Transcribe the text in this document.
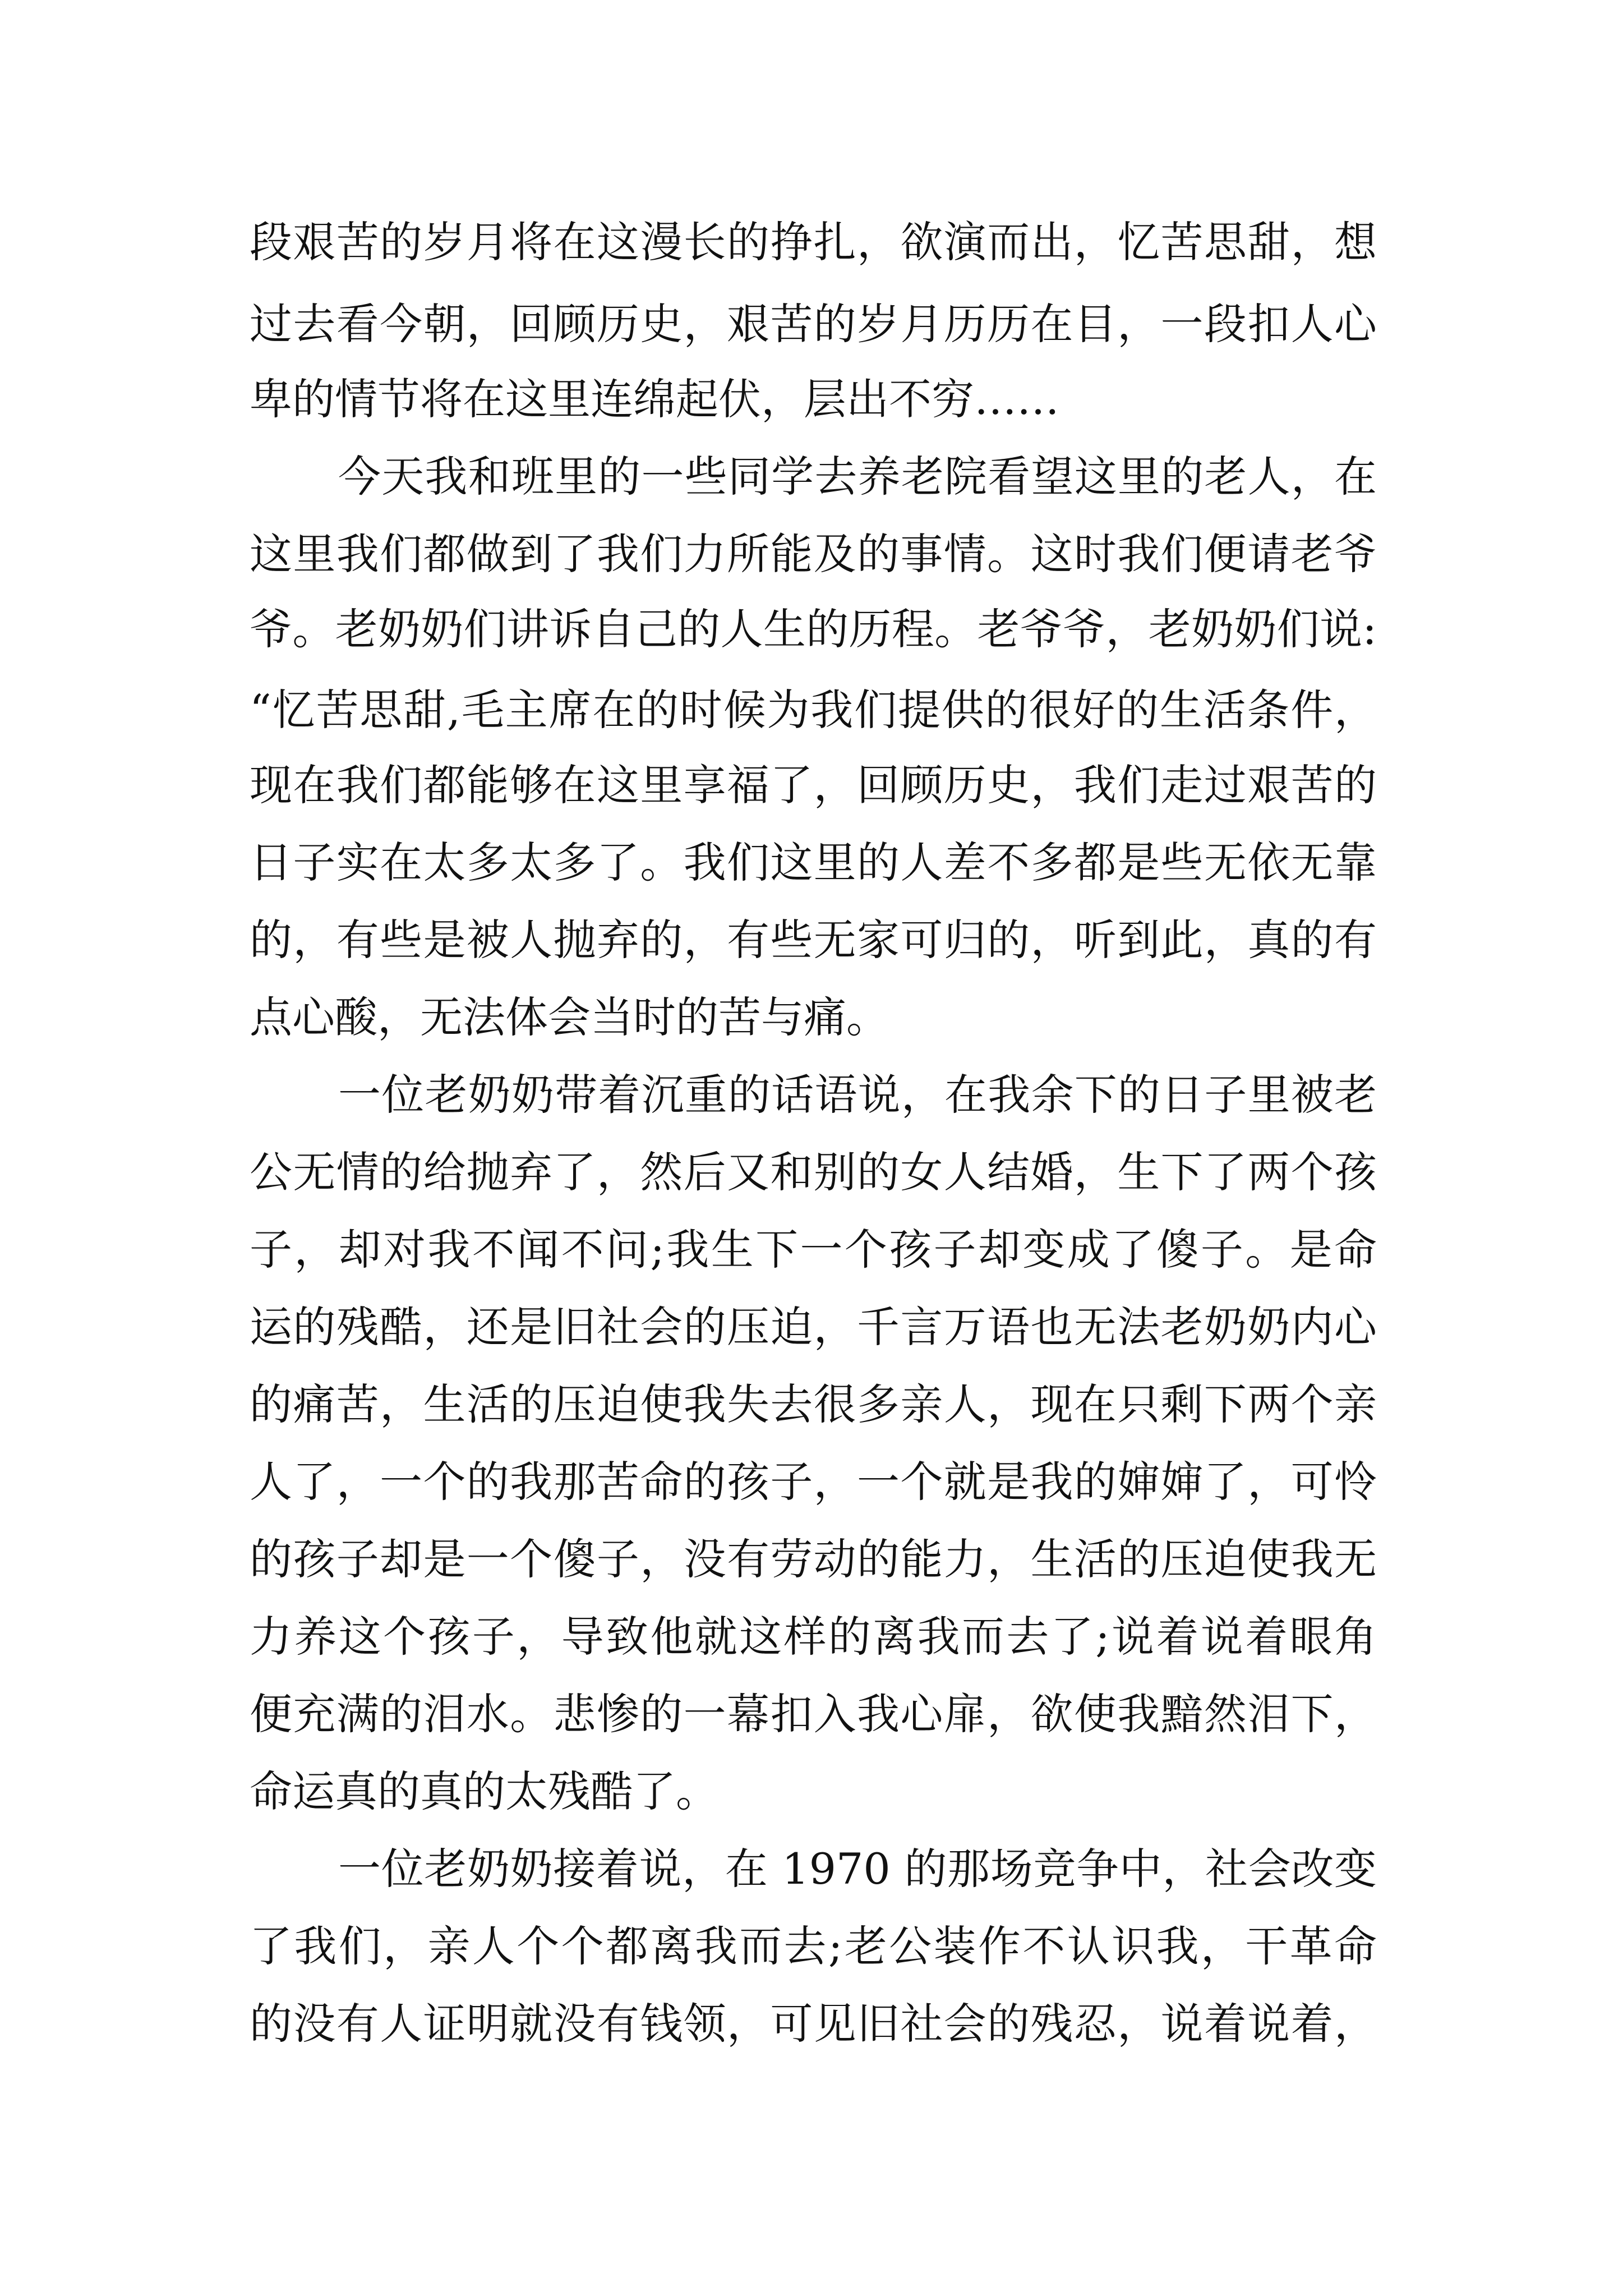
段艰苦的岁月将在这漫长的挣扎，欲演而出，忆苦思甜，想

过去看今朝，回顾历史，艰苦的岁月历历在目，一段扣人心

卑的情节将在这里连绵起伏，层出不穷……

今天我和班里的一些同学去养老院看望这里的老人，在

这里我们都做到了我们力所能及的事情。这时我们便请老爷

爷。老奶奶们讲诉自己的人生的历程。老爷爷，老奶奶们说:

“忆苦思甜,毛主席在的时候为我们提供的很好的生活条件，

现在我们都能够在这里享福了，回顾历史，我们走过艰苦的

日子实在太多太多了。我们这里的人差不多都是些无依无靠

的，有些是被人抛弃的，有些无家可归的，听到此，真的有

点心酸，无法体会当时的苦与痛。

一位老奶奶带着沉重的话语说，在我余下的日子里被老

公无情的给抛弃了，然后又和别的女人结婚，生下了两个孩

子，却对我不闻不问;我生下一个孩子却变成了傻子。是命

运的残酷，还是旧社会的压迫，千言万语也无法老奶奶内心

的痛苦，生活的压迫使我失去很多亲人，现在只剩下两个亲

人了，一个的我那苦命的孩子，一个就是我的婶婶了，可怜

的孩子却是一个傻子，没有劳动的能力，生活的压迫使我无

力养这个孩子，导致他就这样的离我而去了;说着说着眼角

便充满的泪水。悲惨的一幕扣入我心扉，欲使我黯然泪下，

命运真的真的太残酷了。

一位老奶奶接着说，在 1970 的那场竞争中，社会改变

了我们，亲人个个都离我而去;老公装作不认识我，干革命

的没有人证明就没有钱领，可见旧社会的残忍，说着说着，
